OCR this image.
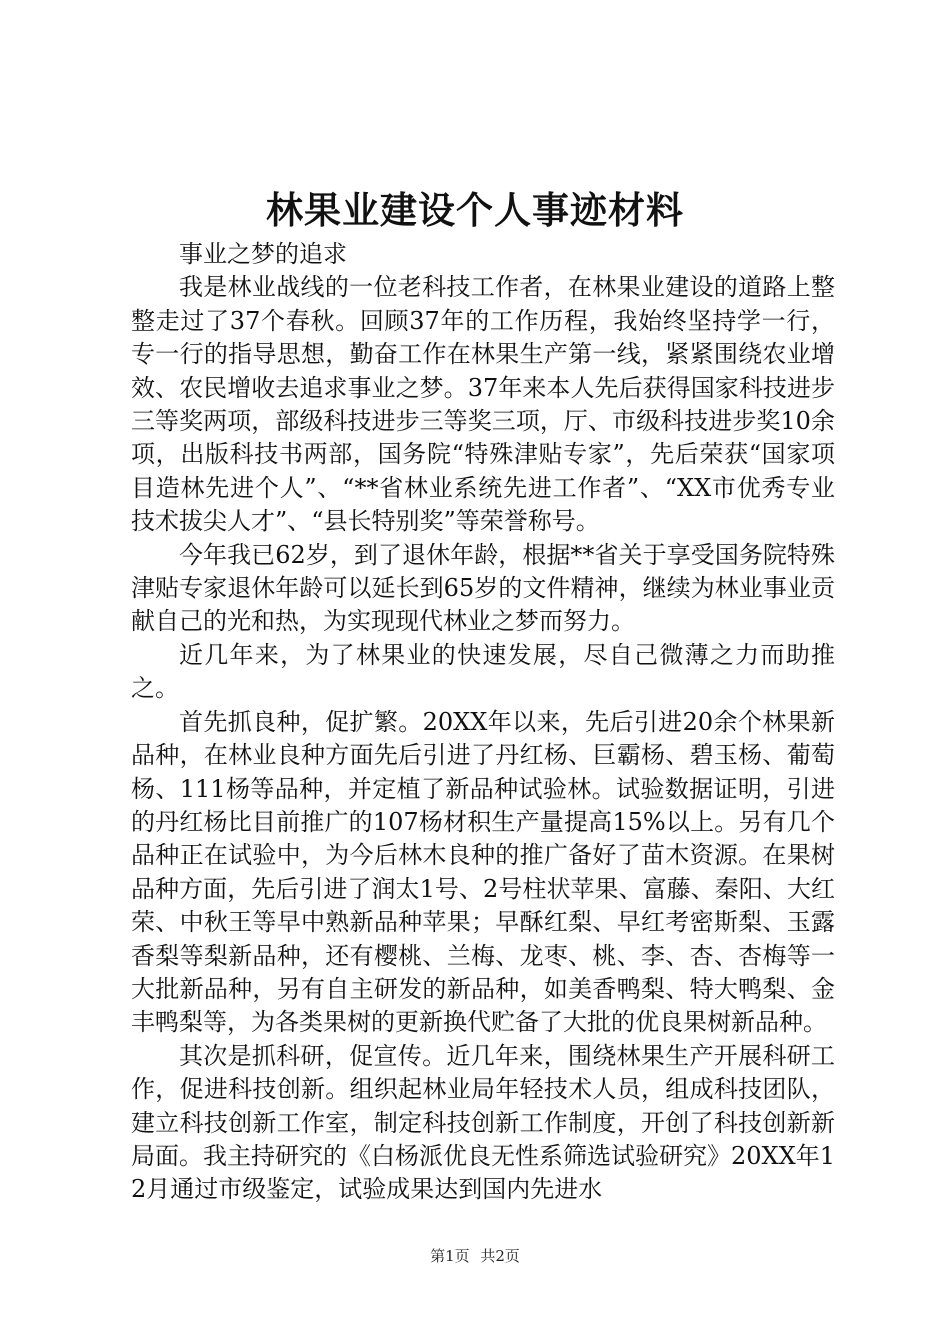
林果业建设个人事迹材料

事业之梦的追求

我是林业战线的一位老科技工作者，在林果业建设的道路上整整走过了37个春秋。回顾37年的工作历程，我始终坚持学一行，专一行的指导思想，勤奋工作在林果生产第一线，紧紧围绕农业增效、农民增收去追求事业之梦。37年来本人先后获得国家科技进步三等奖两项，部级科技进步三等奖三项，厅、市级科技进步奖10余项，出版科技书两部，国务院“特殊津贴专家”，先后荣获“国家项目造林先进个人”、“**省林业系统先进工作者”、“XX市优秀专业技术拔尖人才”、“县长特别奖”等荣誉称号。

今年我已62岁，到了退休年龄，根据**省关于享受国务院特殊津贴专家退休年龄可以延长到65岁的文件精神，继续为林业事业贡献自己的光和热，为实现现代林业之梦而努力。

近几年来，为了林果业的快速发展，尽自己微薄之力而助推之。

首先抓良种，促扩繁。20XX年以来，先后引进20余个林果新品种，在林业良种方面先后引进了丹红杨、巨霸杨、碧玉杨、葡萄杨、111杨等品种，并定植了新品种试验林。试验数据证明，引进的丹红杨比目前推广的107杨材积生产量提高15%以上。另有几个品种正在试验中，为今后林木良种的推广备好了苗木资源。在果树品种方面，先后引进了润太1号、2号柱状苹果、富藤、秦阳、大红荣、中秋王等早中熟新品种苹果；早酥红梨、早红考密斯梨、玉露香梨等梨新品种，还有樱桃、兰梅、龙枣、桃、李、杏、杏梅等一大批新品种，另有自主研发的新品种，如美香鸭梨、特大鸭梨、金丰鸭梨等，为各类果树的更新换代贮备了大批的优良果树新品种。

其次是抓科研，促宣传。近几年来，围绕林果生产开展科研工作，促进科技创新。组织起林业局年轻技术人员，组成科技团队，建立科技创新工作室，制定科技创新工作制度，开创了科技创新新局面。我主持研究的《白杨派优良无性系筛选试验研究》20XX年12月通过市级鉴定，试验成果达到国内先进水

第1页 共2页
